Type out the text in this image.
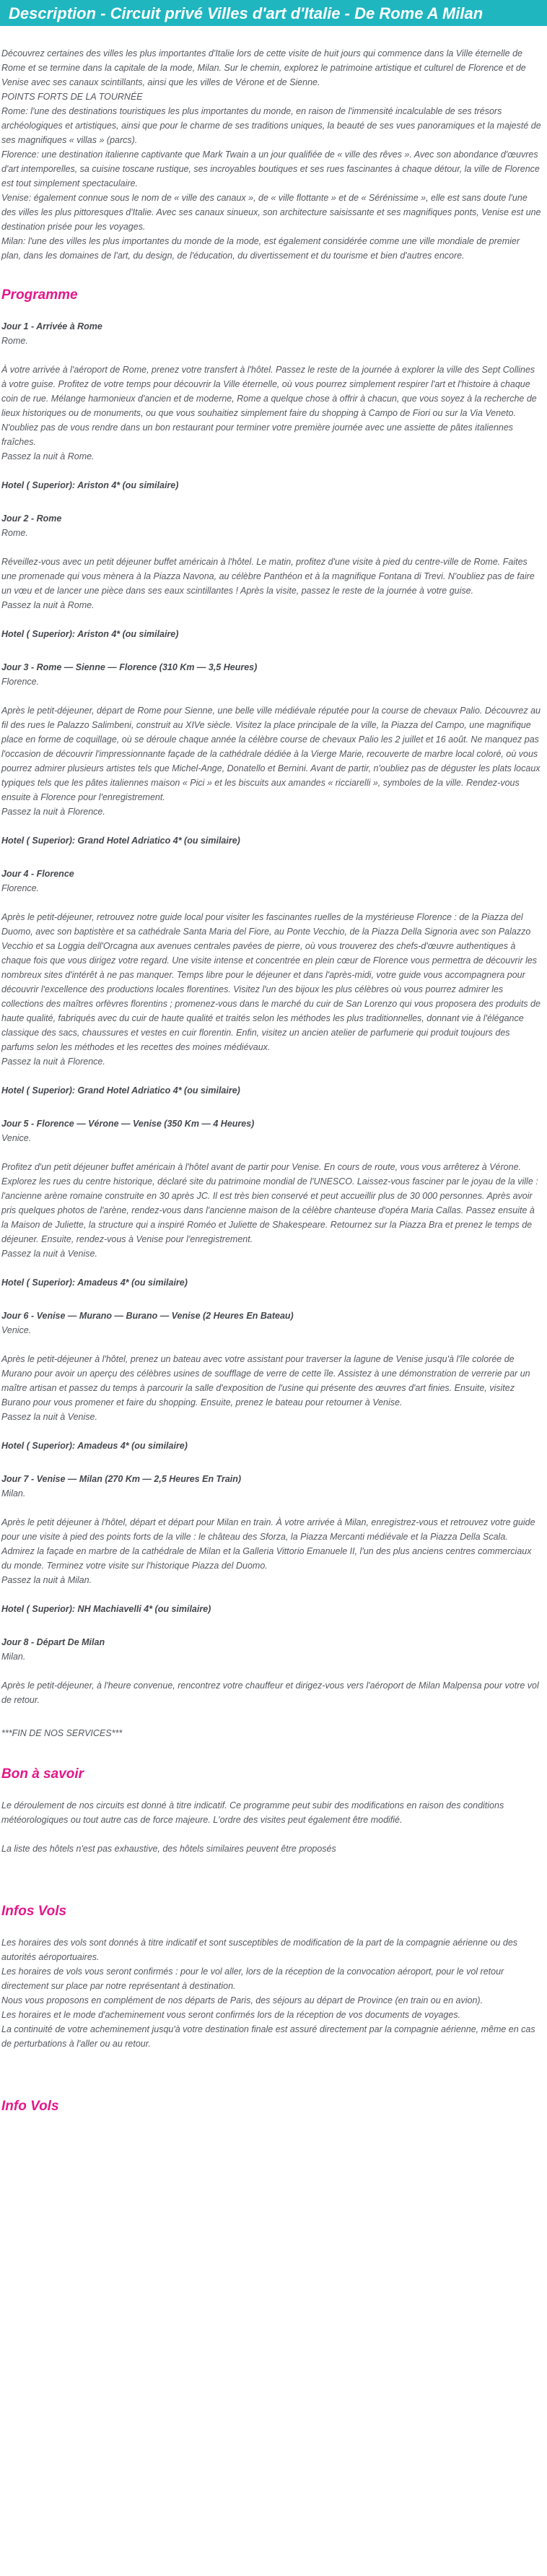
Description - Circuit privé Villes d'art d'Italie - De Rome A Milan

Découvrez certaines des villes les plus importantes d'Italie lors de cette visite de huit jours qui commence dans la Ville éternelle de Rome et se termine dans la capitale de la mode, Milan. Sur le chemin, explorez le patrimoine artistique et culturel de Florence et de Venise avec ses canaux scintillants, ainsi que les villes de Vérone et de Sienne.

POINTS FORTS DE LA TOURNÉE

Rome: l'une des destinations touristiques les plus importantes du monde, en raison de l'immensité incalculable de ses trésors archéologiques et artistiques, ainsi que pour le charme de ses traditions uniques, la beauté de ses vues panoramiques et la majesté de ses magnifiques « villas » (parcs).

Florence: une destination italienne captivante que Mark Twain a un jour qualifiée de « ville des rêves ». Avec son abondance d'œuvres d'art intemporelles, sa cuisine toscane rustique, ses incroyables boutiques et ses rues fascinantes à chaque détour, la ville de Florence est tout simplement spectaculaire.

Venise: également connue sous le nom de « ville des canaux », de « ville flottante » et de « Sérénissime », elle est sans doute l'une des villes les plus pittoresques d'Italie. Avec ses canaux sinueux, son architecture saisissante et ses magnifiques ponts, Venise est une destination prisée pour les voyages.

Milan: l'une des villes les plus importantes du monde de la mode, est également considérée comme une ville mondiale de premier plan, dans les domaines de l'art, du design, de l'éducation, du divertissement et du tourisme et bien d'autres encore.

Programme

Jour 1 - Arrivée à Rome

Rome.

À votre arrivée à l'aéroport de Rome, prenez votre transfert à l'hôtel. Passez le reste de la journée à explorer la ville des Sept Collines à votre guise. Profitez de votre temps pour découvrir la Ville éternelle, où vous pourrez simplement respirer l'art et l'histoire à chaque coin de rue. Mélange harmonieux d'ancien et de moderne, Rome a quelque chose à offrir à chacun, que vous soyez à la recherche de lieux historiques ou de monuments, ou que vous souhaitiez simplement faire du shopping à Campo de Fiori ou sur la Via Veneto. N'oubliez pas de vous rendre dans un bon restaurant pour terminer votre première journée avec une assiette de pâtes italiennes fraîches.

Passez la nuit à Rome.

Hotel ( Superior): Ariston 4* (ou similaire)

Jour 2 - Rome

Rome.

Réveillez-vous avec un petit déjeuner buffet américain à l'hôtel. Le matin, profitez d'une visite à pied du centre-ville de Rome. Faites une promenade qui vous mènera à la Piazza Navona, au célèbre Panthéon et à la magnifique Fontana di Trevi. N'oubliez pas de faire un vœu et de lancer une pièce dans ses eaux scintillantes ! Après la visite, passez le reste de la journée à votre guise.

Passez la nuit à Rome.

Hotel ( Superior): Ariston 4* (ou similaire)

Jour 3 - Rome — Sienne — Florence (310 Km — 3,5 Heures)

Florence.

Après le petit-déjeuner, départ de Rome pour Sienne, une belle ville médiévale réputée pour la course de chevaux Palio. Découvrez au fil des rues le Palazzo Salimbeni, construit au XIVe siècle. Visitez la place principale de la ville, la Piazza del Campo, une magnifique place en forme de coquillage, où se déroule chaque année la célèbre course de chevaux Palio les 2 juillet et 16 août. Ne manquez pas l'occasion de découvrir l'impressionnante façade de la cathédrale dédiée à la Vierge Marie, recouverte de marbre local coloré, où vous pourrez admirer plusieurs artistes tels que Michel-Ange, Donatello et Bernini. Avant de partir, n'oubliez pas de déguster les plats locaux typiques tels que les pâtes italiennes maison « Pici » et les biscuits aux amandes « ricciarelli », symboles de la ville. Rendez-vous ensuite à Florence pour l'enregistrement.

Passez la nuit à Florence.

Hotel ( Superior): Grand Hotel Adriatico 4* (ou similaire)

Jour 4 - Florence

Florence.

Après le petit-déjeuner, retrouvez notre guide local pour visiter les fascinantes ruelles de la mystérieuse Florence : de la Piazza del Duomo, avec son baptistère et sa cathédrale Santa Maria del Fiore, au Ponte Vecchio, de la Piazza Della Signoria avec son Palazzo Vecchio et sa Loggia dell'Orcagna aux avenues centrales pavées de pierre, où vous trouverez des chefs-d'œuvre authentiques à chaque fois que vous dirigez votre regard. Une visite intense et concentrée en plein cœur de Florence vous permettra de découvrir les nombreux sites d'intérêt à ne pas manquer. Temps libre pour le déjeuner et dans l'après-midi, votre guide vous accompagnera pour découvrir l'excellence des productions locales florentines. Visitez l'un des bijoux les plus célèbres où vous pourrez admirer les collections des maîtres orfèvres florentins ; promenez-vous dans le marché du cuir de San Lorenzo qui vous proposera des produits de haute qualité, fabriqués avec du cuir de haute qualité et traités selon les méthodes les plus traditionnelles, donnant vie à l'élégance classique des sacs, chaussures et vestes en cuir florentin. Enfin, visitez un ancien atelier de parfumerie qui produit toujours des parfums selon les méthodes et les recettes des moines médiévaux.

Passez la nuit à Florence.

Hotel ( Superior): Grand Hotel Adriatico 4* (ou similaire)

Jour 5 - Florence — Vérone — Venise (350 Km — 4 Heures)

Venice.

Profitez d'un petit déjeuner buffet américain à l'hôtel avant de partir pour Venise. En cours de route, vous vous arrêterez à Vérone. Explorez les rues du centre historique, déclaré site du patrimoine mondial de l'UNESCO. Laissez-vous fasciner par le joyau de la ville : l'ancienne arène romaine construite en 30 après JC. Il est très bien conservé et peut accueillir plus de 30 000 personnes. Après avoir pris quelques photos de l'arène, rendez-vous dans l'ancienne maison de la célèbre chanteuse d'opéra Maria Callas. Passez ensuite à la Maison de Juliette, la structure qui a inspiré Roméo et Juliette de Shakespeare. Retournez sur la Piazza Bra et prenez le temps de déjeuner. Ensuite, rendez-vous à Venise pour l'enregistrement.

Passez la nuit à Venise.

Hotel ( Superior): Amadeus 4* (ou similaire)

Jour 6 - Venise — Murano — Burano — Venise (2 Heures En Bateau)

Venice.

Après le petit-déjeuner à l'hôtel, prenez un bateau avec votre assistant pour traverser la lagune de Venise jusqu'à l'île colorée de Murano pour avoir un aperçu des célèbres usines de soufflage de verre de cette île. Assistez à une démonstration de verrerie par un maître artisan et passez du temps à parcourir la salle d'exposition de l'usine qui présente des œuvres d'art finies. Ensuite, visitez Burano pour vous promener et faire du shopping. Ensuite, prenez le bateau pour retourner à Venise.

Passez la nuit à Venise.

Hotel ( Superior): Amadeus 4* (ou similaire)

Jour 7 - Venise — Milan (270 Km — 2,5 Heures En Train)

Milan.

Après le petit déjeuner à l'hôtel, départ et départ pour Milan en train. À votre arrivée à Milan, enregistrez-vous et retrouvez votre guide pour une visite à pied des points forts de la ville : le château des Sforza, la Piazza Mercanti médiévale et la Piazza Della Scala. Admirez la façade en marbre de la cathédrale de Milan et la Galleria Vittorio Emanuele II, l'un des plus anciens centres commerciaux du monde. Terminez votre visite sur l'historique Piazza del Duomo.

Passez la nuit à Milan.

Hotel ( Superior): NH Machiavelli 4* (ou similaire)

Jour 8 - Départ De Milan

Milan.

Après le petit-déjeuner, à l'heure convenue, rencontrez votre chauffeur et dirigez-vous vers l'aéroport de Milan Malpensa pour votre vol de retour.

***FIN DE NOS SERVICES***

Bon à savoir

Le déroulement de nos circuits est donné à titre indicatif. Ce programme peut subir des modifications en raison des conditions météorologiques ou tout autre cas de force majeure. L'ordre des visites peut également être modifié.

La liste des hôtels n'est pas exhaustive, des hôtels similaires peuvent être proposés

Infos Vols

Les horaires des vols sont donnés à titre indicatif et sont susceptibles de modification de la part de la compagnie aérienne ou des autorités aéroportuaires.

Les horaires de vols vous seront confirmés : pour le vol aller, lors de la réception de la convocation aéroport, pour le vol retour directement sur place par notre représentant à destination.

Nous vous proposons en complément de nos départs de Paris, des séjours au départ de Province (en train ou en avion).

Les horaires et le mode d'acheminement vous seront confirmés lors de la réception de vos documents de voyages.

La continuité de votre acheminement jusqu'à votre destination finale est assuré directement par la compagnie aérienne, même en cas de perturbations à l'aller ou au retour.

Info Vols
